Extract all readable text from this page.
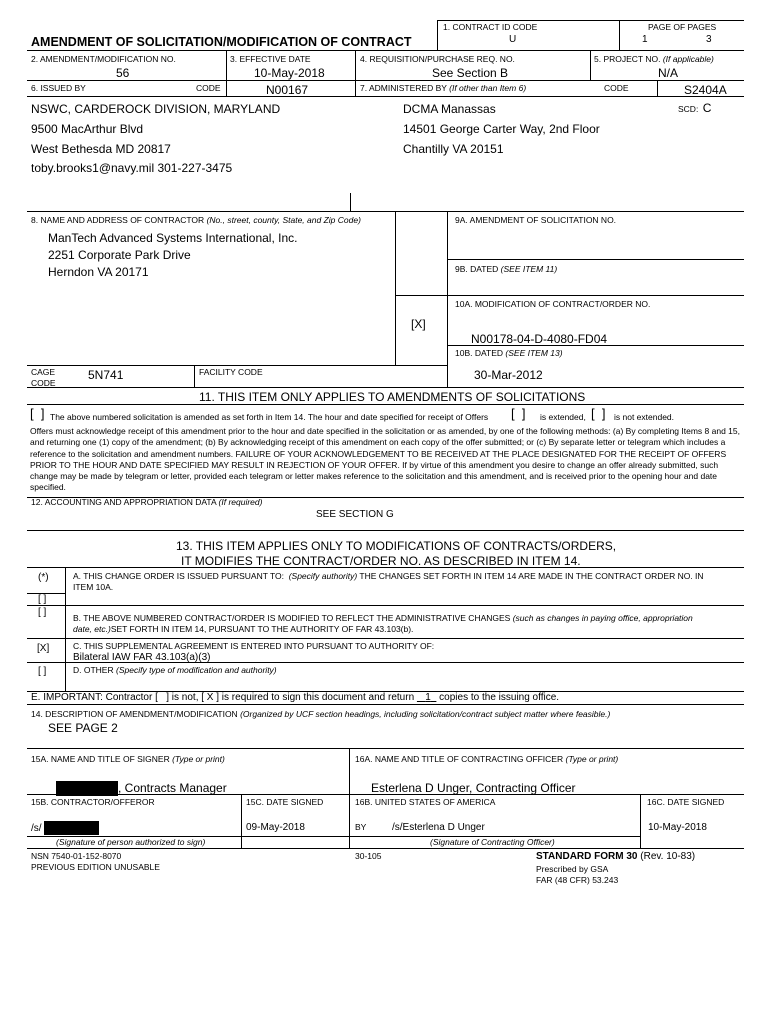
1. CONTRACT ID CODE
U
PAGE OF PAGES
1	3
AMENDMENT OF SOLICITATION/MODIFICATION OF CONTRACT
2. AMENDMENT/MODIFICATION NO.
56
3. EFFECTIVE DATE
10-May-2018
4. REQUISITION/PURCHASE REQ. NO.
See Section B
5. PROJECT NO. (If applicable)
N/A
6. ISSUED BY	CODE	N00167	7. ADMINISTERED BY (If other than Item 6)	CODE	S2404A
SCD: C
NSWC, CARDEROCK DIVISION, MARYLAND
9500 MacArthur Blvd
West Bethesda MD 20817
toby.brooks1@navy.mil 301-227-3475
DCMA Manassas
14501 George Carter Way, 2nd Floor
Chantilly VA 20151
8. NAME AND ADDRESS OF CONTRACTOR (No., street, county, State, and Zip Code)
ManTech Advanced Systems International, Inc.
2251 Corporate Park Drive
Herndon VA 20171
9A. AMENDMENT OF SOLICITATION NO.
9B. DATED (SEE ITEM 11)
[X]
10A. MODIFICATION OF CONTRACT/ORDER NO.
N00178-04-D-4080-FD04
10B. DATED (SEE ITEM 13)
30-Mar-2012
CAGE
CODE
5N741	FACILITY CODE
11. THIS ITEM ONLY APPLIES TO AMENDMENTS OF SOLICITATIONS
[  ] The above numbered solicitation is amended as set forth in Item 14. The hour and date specified for receipt of Offers [  ] is extended, [  ] is not extended.
Offers must acknowledge receipt of this amendment prior to the hour and date specified in the solicitation or as amended, by one of the following methods: (a) By completing Items 8 and 15, and returning one (1) copy of the amendment; (b) By acknowledging receipt of this amendment on each copy of the offer submitted; or (c) By separate letter or telegram which includes a reference to the solicitation and amendment numbers. FAILURE OF YOUR ACKNOWLEDGEMENT TO BE RECEIVED AT THE PLACE DESIGNATED FOR THE RECEIPT OF OFFERS PRIOR TO THE HOUR AND DATE SPECIFIED MAY RESULT IN REJECTION OF YOUR OFFER. If by virtue of this amendment you desire to change an offer already submitted, such change may be made by telegram or letter, provided each telegram or letter makes reference to the solicitation and this amendment, and is received prior to the opening hour and date specified.
12. ACCOUNTING AND APPROPRIATION DATA (If required)
SEE SECTION G
13. THIS ITEM APPLIES ONLY TO MODIFICATIONS OF CONTRACTS/ORDERS,
IT MODIFIES THE CONTRACT/ORDER NO. AS DESCRIBED IN ITEM 14.
(*)	A. THIS CHANGE ORDER IS ISSUED PURSUANT TO: (Specify authority) THE CHANGES SET FORTH IN ITEM 14 ARE MADE IN THE CONTRACT ORDER NO. IN
ITEM 10A.
[ ]
[ ]	B. THE ABOVE NUMBERED CONTRACT/ORDER IS MODIFIED TO REFLECT THE ADMINISTRATIVE CHANGES (such as changes in paying office, appropriation
date, etc.)SET FORTH IN ITEM 14, PURSUANT TO THE AUTHORITY OF FAR 43.103(b).
[X]	C. THIS SUPPLEMENTAL AGREEMENT IS ENTERED INTO PURSUANT TO AUTHORITY OF:
Bilateral IAW FAR 43.103(a)(3)
[ ]	D. OTHER (Specify type of modification and authority)
E. IMPORTANT: Contractor [ ] is not, [ X ] is required to sign this document and return 1 copies to the issuing office.
14. DESCRIPTION OF AMENDMENT/MODIFICATION (Organized by UCF section headings, including solicitation/contract subject matter where feasible.)
SEE PAGE 2
15A. NAME AND TITLE OF SIGNER (Type or print)
, Contracts Manager
15B. CONTRACTOR/OFFEROR
/s/
(Signature of person authorized to sign)
15C. DATE SIGNED
09-May-2018
16A. NAME AND TITLE OF CONTRACTING OFFICER (Type or print)
Esterlena D Unger, Contracting Officer
16B. UNITED STATES OF AMERICA
BY	/s/Esterlena D Unger
(Signature of Contracting Officer)
16C. DATE SIGNED
10-May-2018
NSN 7540-01-152-8070
PREVIOUS EDITION UNUSABLE
30-105	STANDARD FORM 30 (Rev. 10-83)
Prescribed by GSA
FAR (48 CFR) 53.243
